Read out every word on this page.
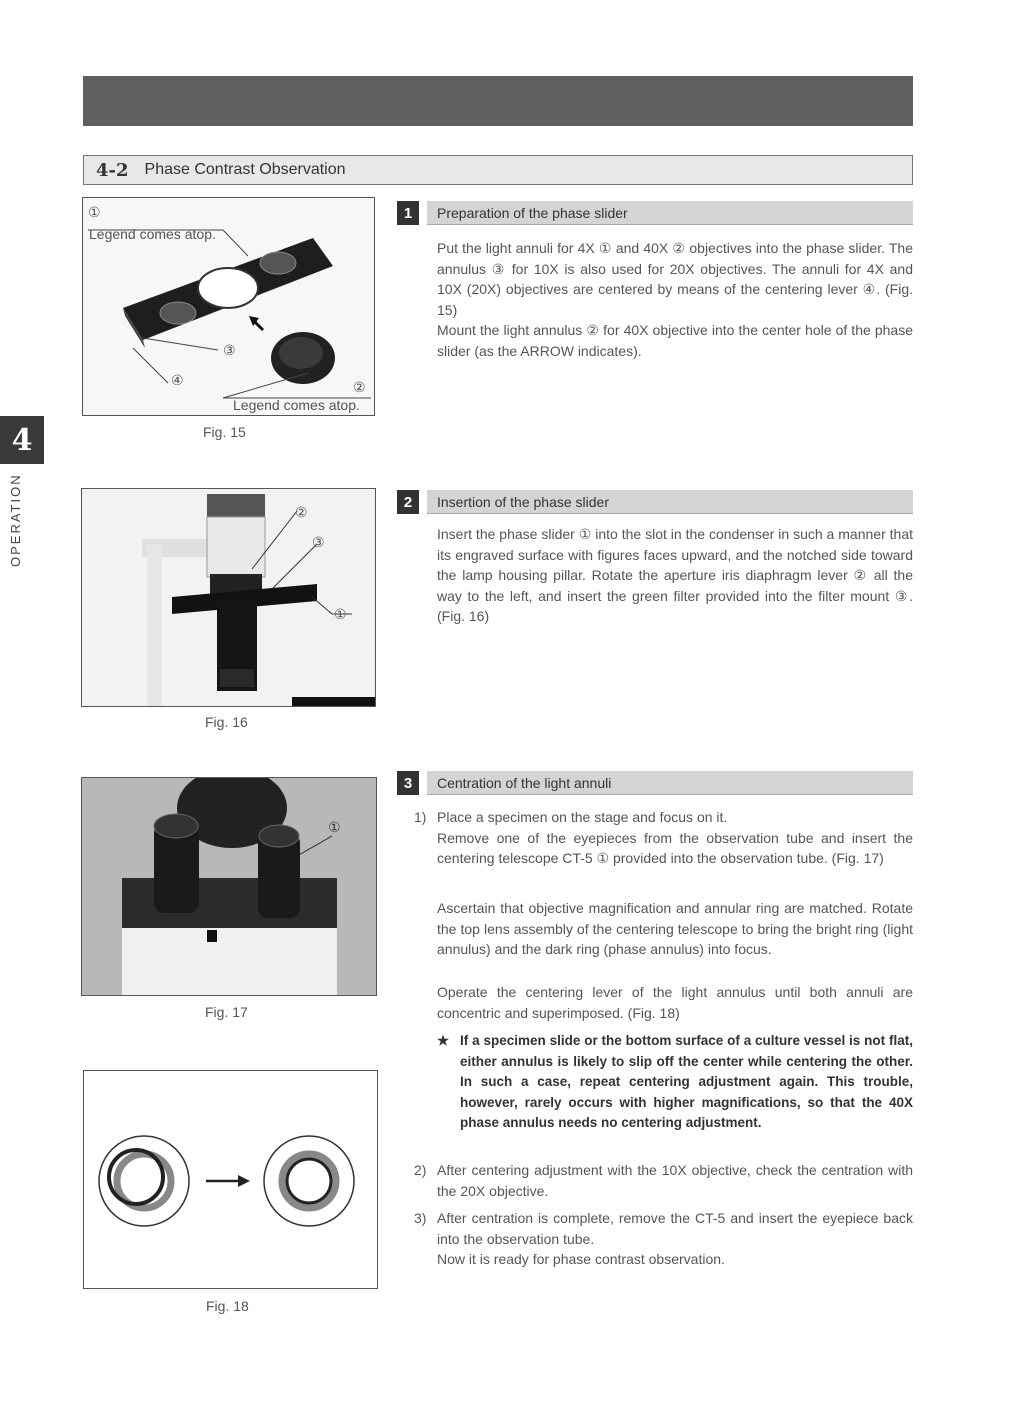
4-2 Phase Contrast Observation
4
OPERATION
①
Legend comes atop.
③
④	②
Legend comes atop.
Fig. 15
②
③
①
Fig. 16
①
Fig. 17
Fig. 18
1	Preparation of the phase slider

Put the light annuli for 4X ① and 40X ② objectives into the phase slider. The annulus ③ for 10X is also used for 20X objectives. The annuli for 4X and 10X (20X) objectives are centered by means of the centering lever ④. (Fig. 15)

Mount the light annulus ② for 40X objective into the center hole of the phase slider (as the ARROW indicates).

2	Insertion of the phase slider

Insert the phase slider ① into the slot in the condenser in such a manner that its engraved surface with figures faces upward, and the notched side toward the lamp housing pillar. Rotate the aperture iris diaphragm lever ② all the way to the left, and insert the green filter provided into the filter mount ③. (Fig. 16)

3	Centration of the light annuli
1) Place a specimen on the stage and focus on it.

Remove one of the eyepieces from the observation tube and insert the centering telescope CT-5 ① provided into the observation tube. (Fig. 17)

Ascertain that objective magnification and annular ring are matched. Rotate the top lens assembly of the centering telescope to bring the bright ring (light annulus) and the dark ring (phase annulus) into focus.

Operate the centering lever of the light annulus until both annuli are concentric and superimposed. (Fig. 18)

★ If a specimen slide or the bottom surface of a culture vessel is not flat, either annulus is likely to slip off the center while centering the other. In such a case, repeat centering adjustment again. This trouble, however, rarely occurs with higher magnifications, so that the 40X phase annulus needs no centering adjustment.

2) After centering adjustment with the 10X objective, check the centration with the 20X objective.

3) After centration is complete, remove the CT-5 and insert the eyepiece back into the observation tube.

Now it is ready for phase contrast observation.
